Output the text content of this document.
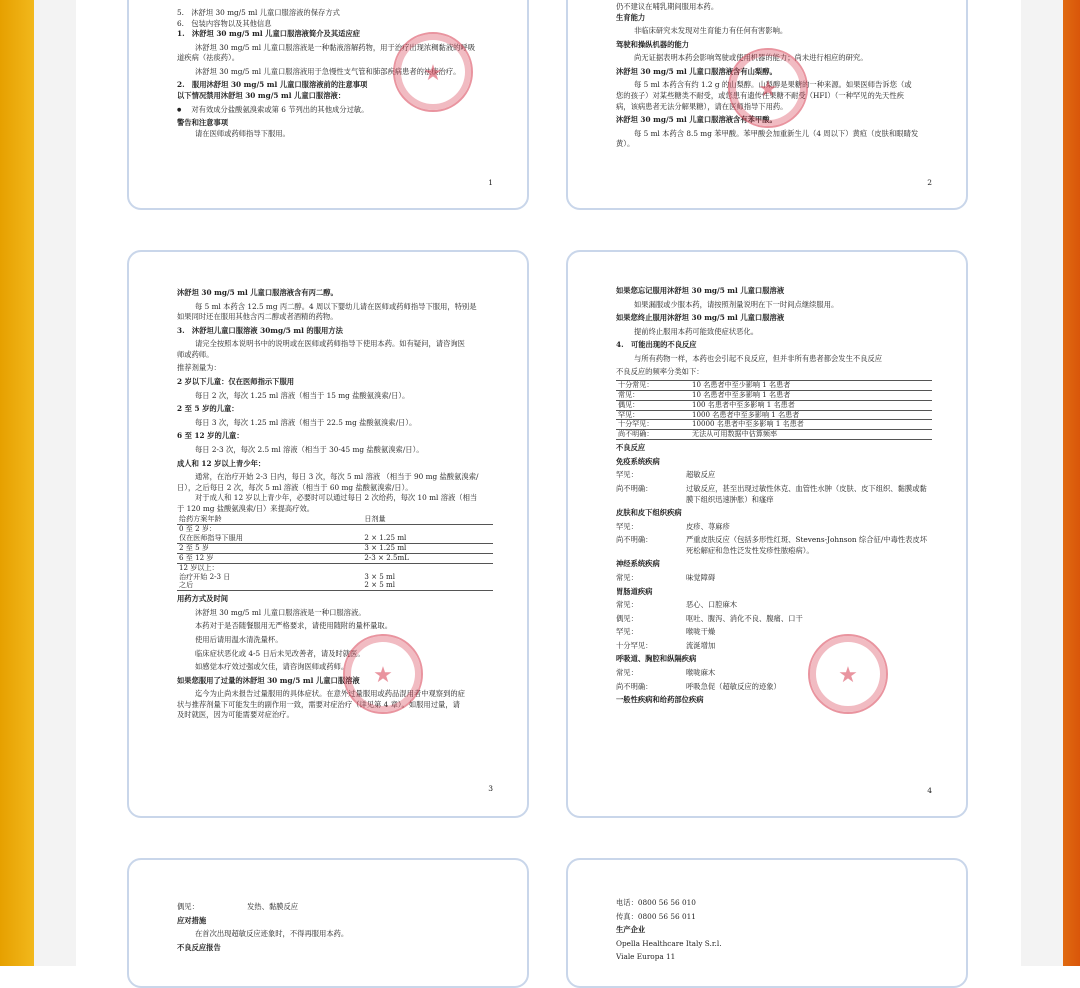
5.　沐舒坦 30 mg/5 ml 儿童口服溶液的保存方式
6.　包装内容物以及其他信息
1.　沐舒坦 30 mg/5 ml 儿童口服溶液简介及其适应症
沐舒坦 30 mg/5 ml 儿童口服溶液是一种黏液溶解药物，用于治疗出现浓稠黏液的呼吸
道疾病（祛痰药）。
沐舒坦 30 mg/5 ml 儿童口服溶液用于急慢性支气管和肺部疾病患者的祛痰治疗。
2.　服用沐舒坦 30 mg/5 ml 儿童口服溶液前的注意事项
以下情况禁用沐舒坦 30 mg/5 ml 儿童口服溶液：
● 对有效成分盐酸氨溴索或第 6 节列出的其他成分过敏。
警告和注意事项
请在医师或药师指导下服用。
★
1
仍不建议在哺乳期间服用本药。
生育能力
非临床研究未发现对生育能力有任何有害影响。
驾驶和操纵机器的能力
尚无证据表明本药会影响驾驶或使用机器的能力；尚未进行相应的研究。
沐舒坦 30 mg/5 ml 儿童口服溶液含有山梨醇。
每 5 ml 本药含有约 1.2 g 的山梨醇。山梨醇是果糖的一种来源。如果医师告诉您（或
您的孩子）对某些糖类不耐受，或您患有遗传性果糖不耐受（HFI）（一种罕见的先天性疾
病，该病患者无法分解果糖），请在医师指导下用药。
沐舒坦 30 mg/5 ml 儿童口服溶液含有苯甲酸。
每 5 ml 本药含 8.5 mg 苯甲酸。苯甲酸会加重新生儿（4 周以下）黄疸（皮肤和眼睛发
黄）。
★
2
沐舒坦 30 mg/5 ml 儿童口服溶液含有丙二醇。
每 5 ml 本药含 12.5 mg 丙二醇。4 周以下婴幼儿请在医师或药师指导下服用，特别是
如果同时还在服用其他含丙二醇或者酒精的药物。
3.　沐舒坦儿童口服溶液 30mg/5 ml 的服用方法
请完全按照本说明书中的说明或在医师或药师指导下使用本药。如有疑问，请咨询医
师或药师。
推荐剂量为：
2 岁以下儿童：仅在医师指示下服用
每日 2 次，每次 1.25 ml 溶液（相当于 15 mg 盐酸氨溴索/日）。
2 至 5 岁的儿童：
每日 3 次，每次 1.25 ml 溶液（相当于 22.5 mg 盐酸氨溴索/日）。
6 至 12 岁的儿童：
每日 2-3 次，每次 2.5 ml 溶液（相当于 30-45 mg 盐酸氨溴索/日）。
成人和 12 岁以上青少年：
通常，在治疗开始 2-3 日内，每日 3 次，每次 5 ml 溶液 （相当于 90 mg 盐酸氨溴索/
日），之后每日 2 次，每次 5 ml 溶液（相当于 60 mg 盐酸氨溴索/日）。
对于成人和 12 岁以上青少年，必要时可以通过每日 2 次给药，每次 10 ml 溶液（相当
于 120 mg 盐酸氨溴索/日）来提高疗效。
给药方案年龄	日剂量
0 至 2 岁：	
仅在医师指导下服用	2 × 1.25 ml
2 至 5 岁	3 × 1.25 ml
6 至 12 岁	2-3 × 2.5mL
12 岁以上：	
治疗开始 2-3 日	3 × 5 ml
之后	2 × 5 ml
用药方式及时间
沐舒坦 30 mg/5 ml 儿童口服溶液是一种口服溶液。
本药对于是否随餐服用无严格要求，请使用随附的量杯量取。
使用后请用温水清洗量杯。
临床症状恶化或 4-5 日后未见改善者，请及时就医。
如感觉本疗效过强或欠佳，请咨询医师或药师。
如果您服用了过量的沐舒坦 30 mg/5 ml 儿童口服溶液
迄今为止尚未报告过量服用的具体症状。在意外过量服用或药品混用者中观察到的症
状与推荐剂量下可能发生的副作用一致，需要对症治疗（详见第 4 章）。如服用过量，请
及时就医，因为可能需要对症治疗。
★
3
如果您忘记服用沐舒坦 30 mg/5 ml 儿童口服溶液
如果漏服或少服本药，请按照剂量说明在下一时间点继续服用。
如果您终止服用沐舒坦 30 mg/5 ml 儿童口服溶液
提前终止服用本药可能致使症状恶化。
4.　可能出现的不良反应
与所有药物一样，本药也会引起不良反应，但并非所有患者都会发生不良反应
不良反应的频率分类如下：
十分常见：	10 名患者中至少影响 1 名患者
常见：	10 名患者中至多影响 1 名患者
偶见：	100 名患者中至多影响 1 名患者
罕见：	1000 名患者中至多影响 1 名患者
十分罕见：	10000 名患者中至多影响 1 名患者
尚不明确：	无法从可用数据中估算频率
不良反应
免疫系统疾病
罕见：	超敏反应
尚不明确：	过敏反应，甚至出现过敏性休克、血管性水肿（皮肤、皮下组织、黏膜或黏膜下组织迅速肿胀）和瘙痒
皮肤和皮下组织疾病
罕见：	皮疹、荨麻疹
尚不明确：	严重皮肤反应（包括多形性红斑、Stevens-Johnson 综合征/中毒性表皮坏死松解症和急性泛发性发疹性脓疱病）。
神经系统疾病
常见：	味觉障碍
胃肠道疾病
常见：	恶心、口腔麻木
偶见：	呕吐、腹泻、消化不良、腹痛、口干
罕见：	喉咙干燥
十分罕见：	流涎增加
呼吸道、胸腔和纵隔疾病
常见：	喉咙麻木
尚不明确：	呼吸急促（超敏反应的迹象）
一般性疾病和给药部位疾病
★
4
偶见：	发热、黏膜反应
应对措施
在首次出现超敏反应迹象时，不得再服用本药。
不良反应报告
电话：0800 56 56 010
传真：0800 56 56 011
生产企业
Opella Healthcare Italy S.r.l.
Viale Europa 11
